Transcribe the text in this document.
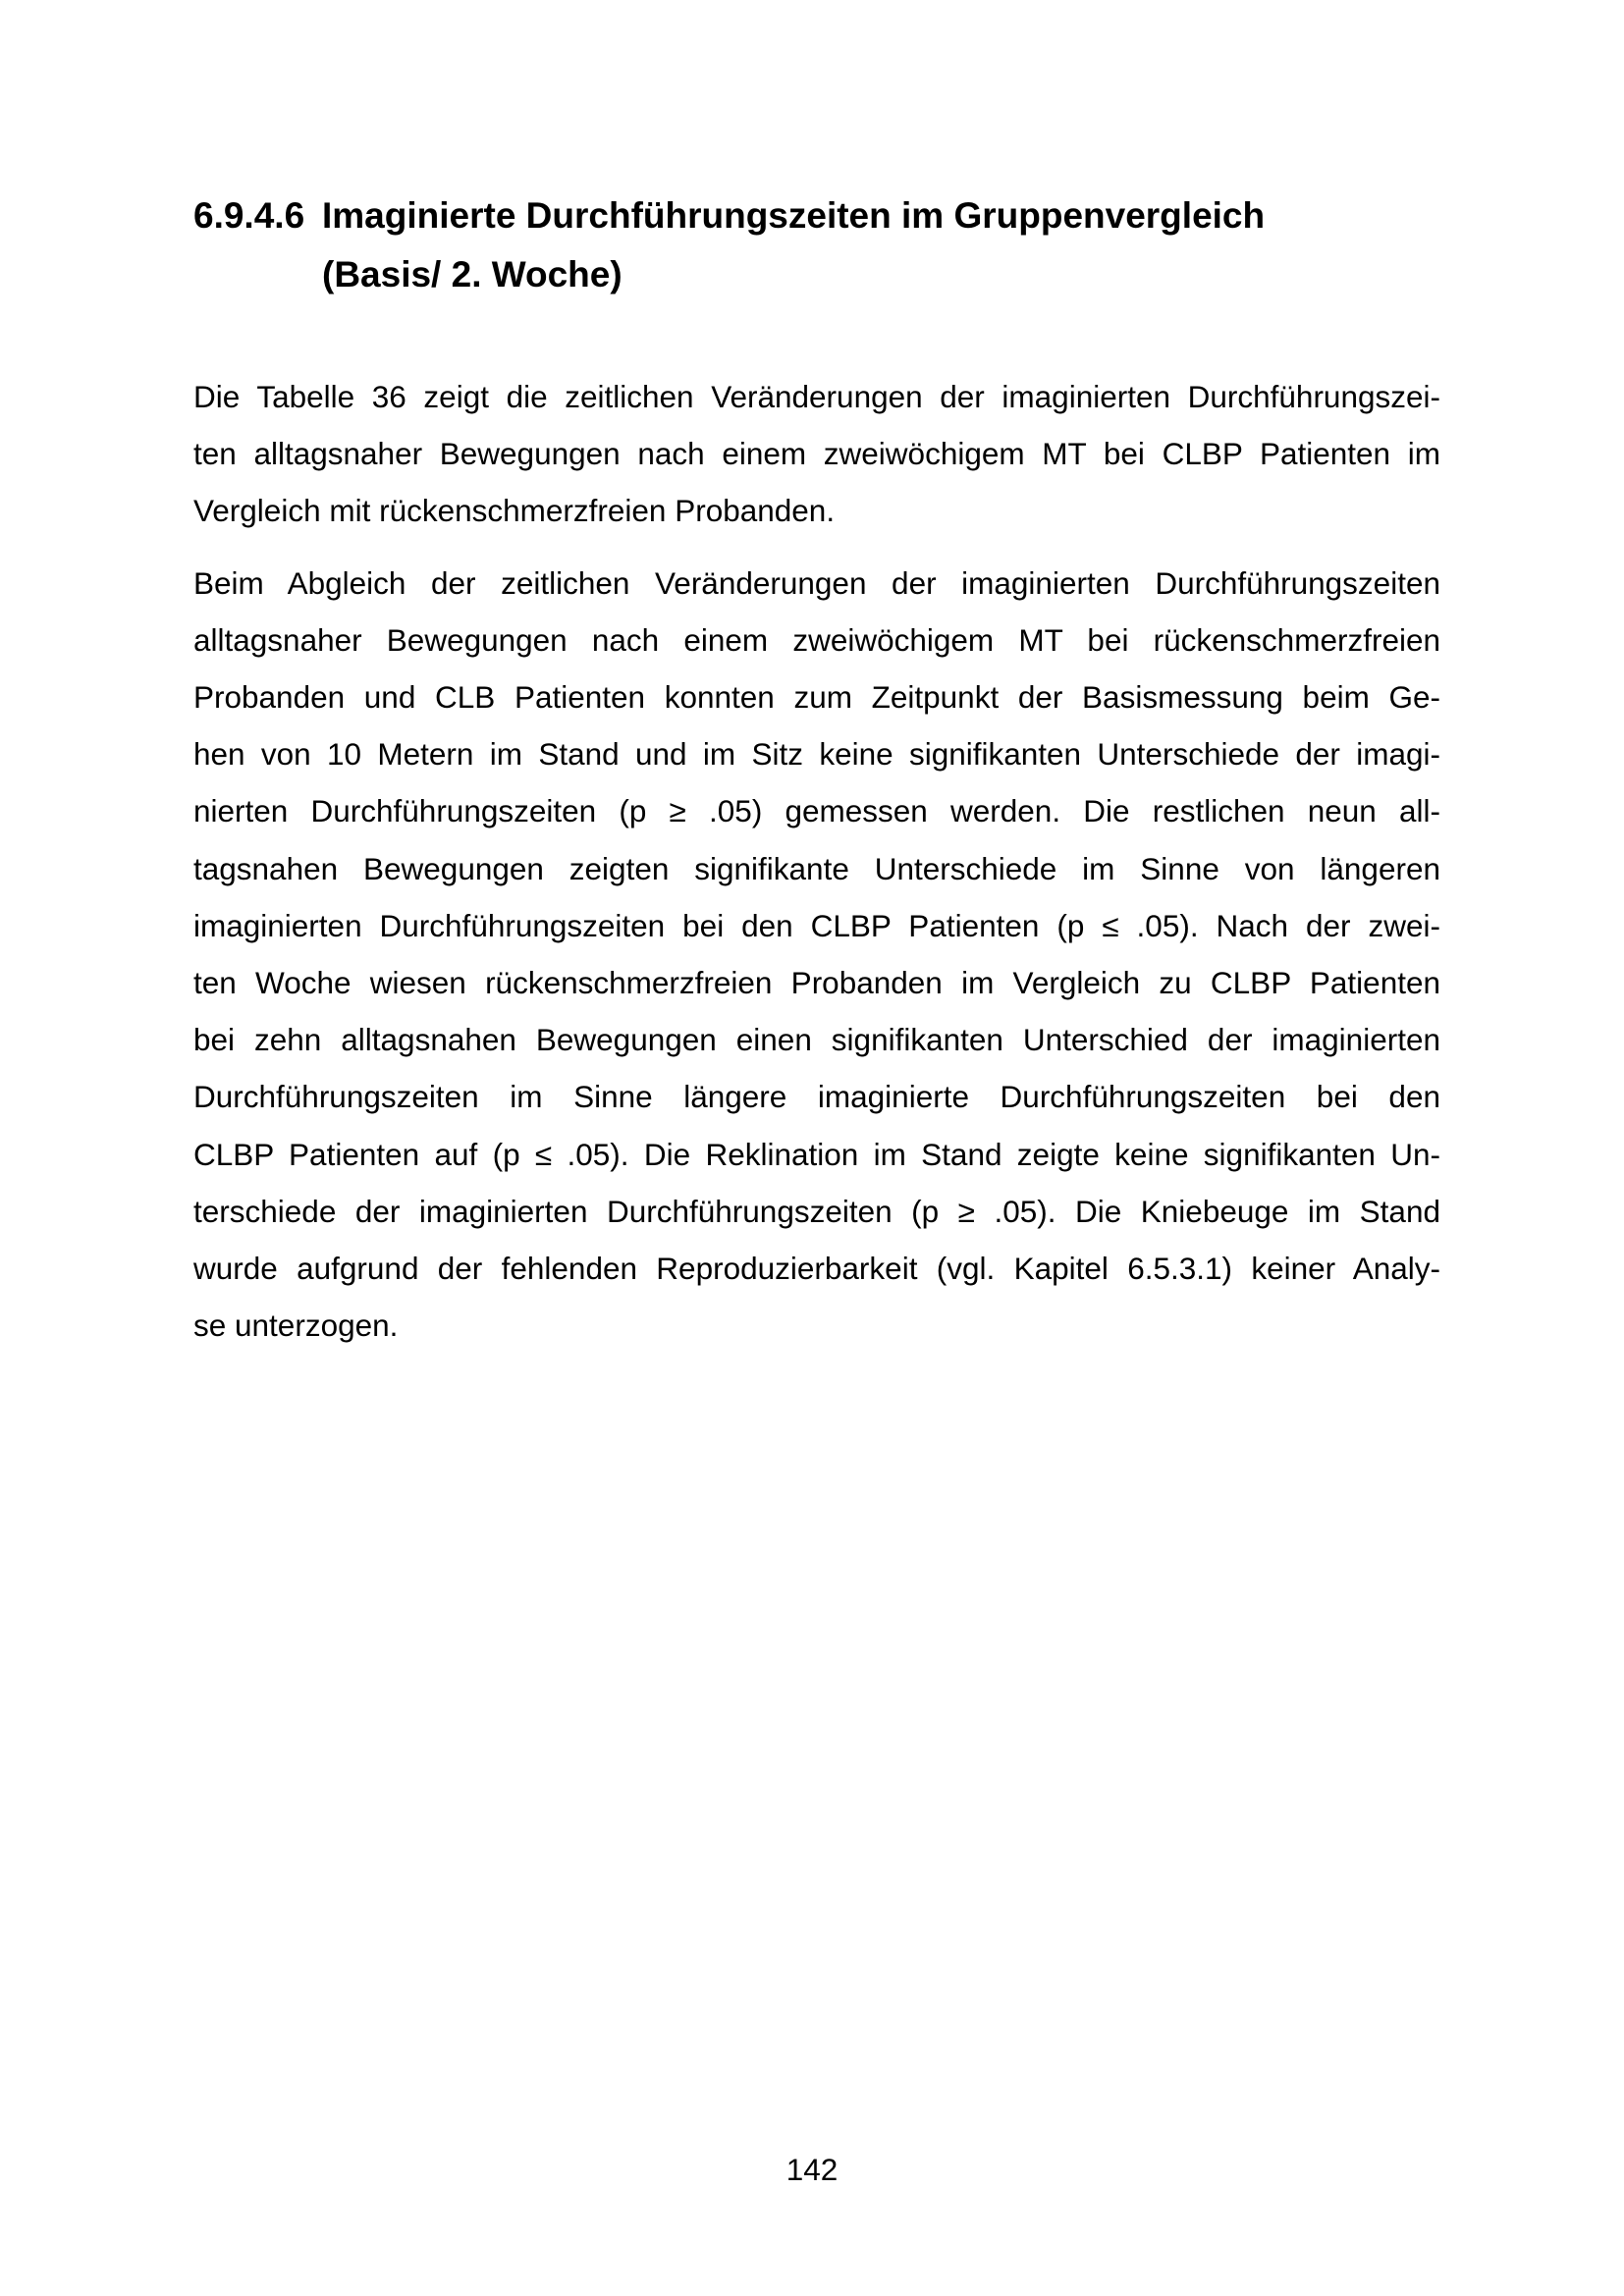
6.9.4.6 Imaginierte Durchführungszeiten im Gruppenvergleich
(Basis/ 2. Woche)

Die Tabelle 36 zeigt die zeitlichen Veränderungen der imaginierten Durchführungszei-
ten alltagsnaher Bewegungen nach einem zweiwöchigem MT bei CLBP Patienten im
Vergleich mit rückenschmerzfreien Probanden.

Beim Abgleich der zeitlichen Veränderungen der imaginierten Durchführungszeiten
alltagsnaher Bewegungen nach einem zweiwöchigem MT bei rückenschmerzfreien
Probanden und CLB Patienten konnten zum Zeitpunkt der Basismessung beim Ge-
hen von 10 Metern im Stand und im Sitz keine signifikanten Unterschiede der imagi-
nierten Durchführungszeiten (p ≥ .05) gemessen werden. Die restlichen neun all-
tagsnahen Bewegungen zeigten signifikante Unterschiede im Sinne von längeren
imaginierten Durchführungszeiten bei den CLBP Patienten (p ≤ .05). Nach der zwei-
ten Woche wiesen rückenschmerzfreien Probanden im Vergleich zu CLBP Patienten
bei zehn alltagsnahen Bewegungen einen signifikanten Unterschied der imaginierten
Durchführungszeiten im Sinne längere imaginierte Durchführungszeiten bei den
CLBP Patienten auf (p ≤ .05). Die Reklination im Stand zeigte keine signifikanten Un-
terschiede der imaginierten Durchführungszeiten (p ≥ .05). Die Kniebeuge im Stand
wurde aufgrund der fehlenden Reproduzierbarkeit (vgl. Kapitel 6.5.3.1) keiner Analy-
se unterzogen.

142
